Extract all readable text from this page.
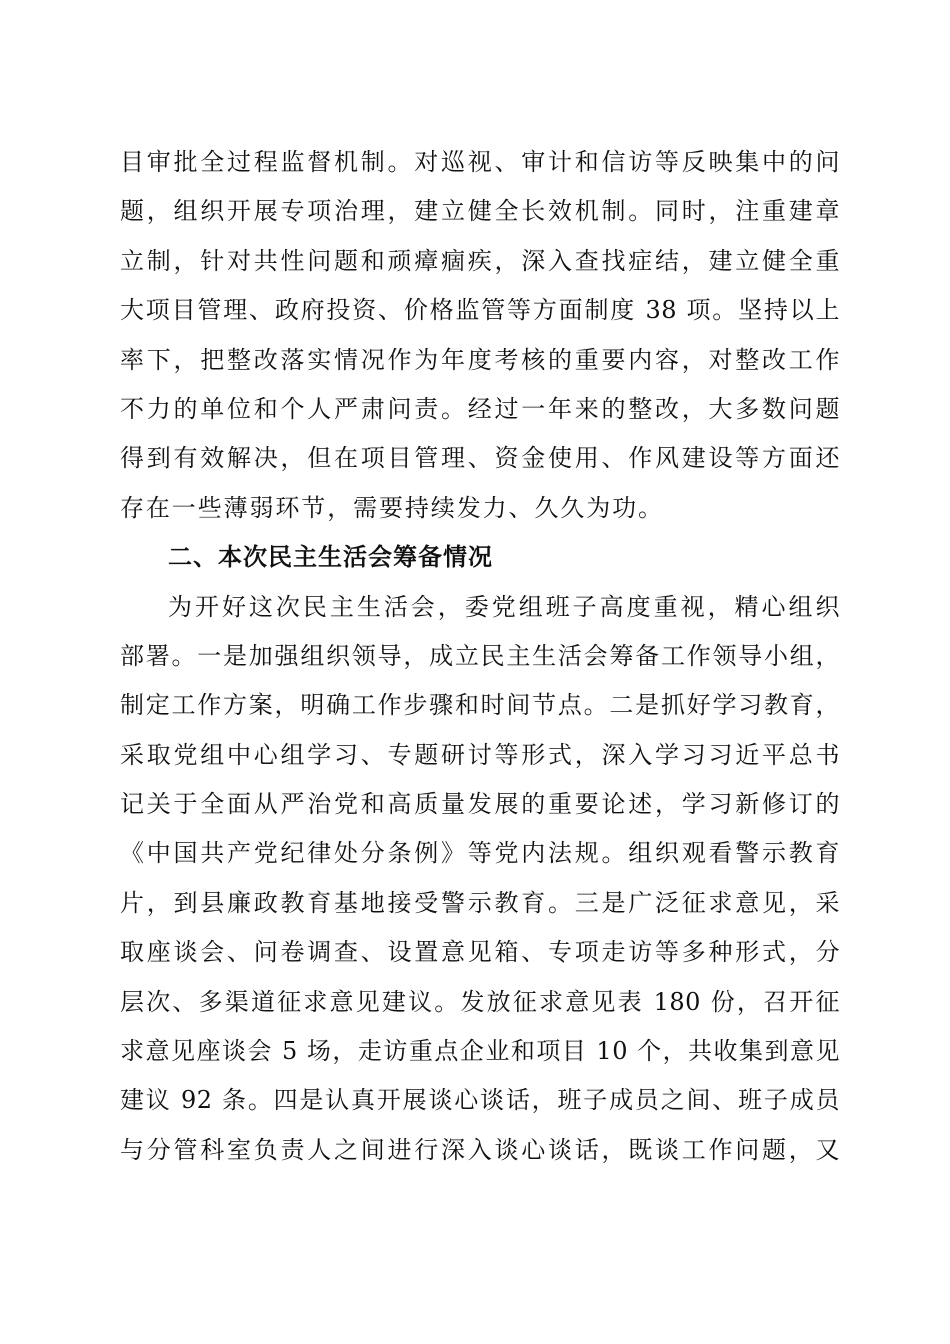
目审批全过程监督机制。对巡视、审计和信访等反映集中的问
题，组织开展专项治理，建立健全长效机制。同时，注重建章
立制，针对共性问题和顽瘴痼疾，深入查找症结，建立健全重
大项目管理、政府投资、价格监管等方面制度 38 项。坚持以上
率下，把整改落实情况作为年度考核的重要内容，对整改工作
不力的单位和个人严肃问责。经过一年来的整改，大多数问题
得到有效解决，但在项目管理、资金使用、作风建设等方面还
存在一些薄弱环节，需要持续发力、久久为功。
二、本次民主生活会筹备情况
为开好这次民主生活会，委党组班子高度重视，精心组织
部署。一是加强组织领导，成立民主生活会筹备工作领导小组，
制定工作方案，明确工作步骤和时间节点。二是抓好学习教育，
采取党组中心组学习、专题研讨等形式，深入学习习近平总书
记关于全面从严治党和高质量发展的重要论述，学习新修订的
《中国共产党纪律处分条例》等党内法规。组织观看警示教育
片，到县廉政教育基地接受警示教育。三是广泛征求意见，采
取座谈会、问卷调查、设置意见箱、专项走访等多种形式，分
层次、多渠道征求意见建议。发放征求意见表 180 份，召开征
求意见座谈会 5 场，走访重点企业和项目 10 个，共收集到意见
建议 92 条。四是认真开展谈心谈话，班子成员之间、班子成员
与分管科室负责人之间进行深入谈心谈话，既谈工作问题，又
